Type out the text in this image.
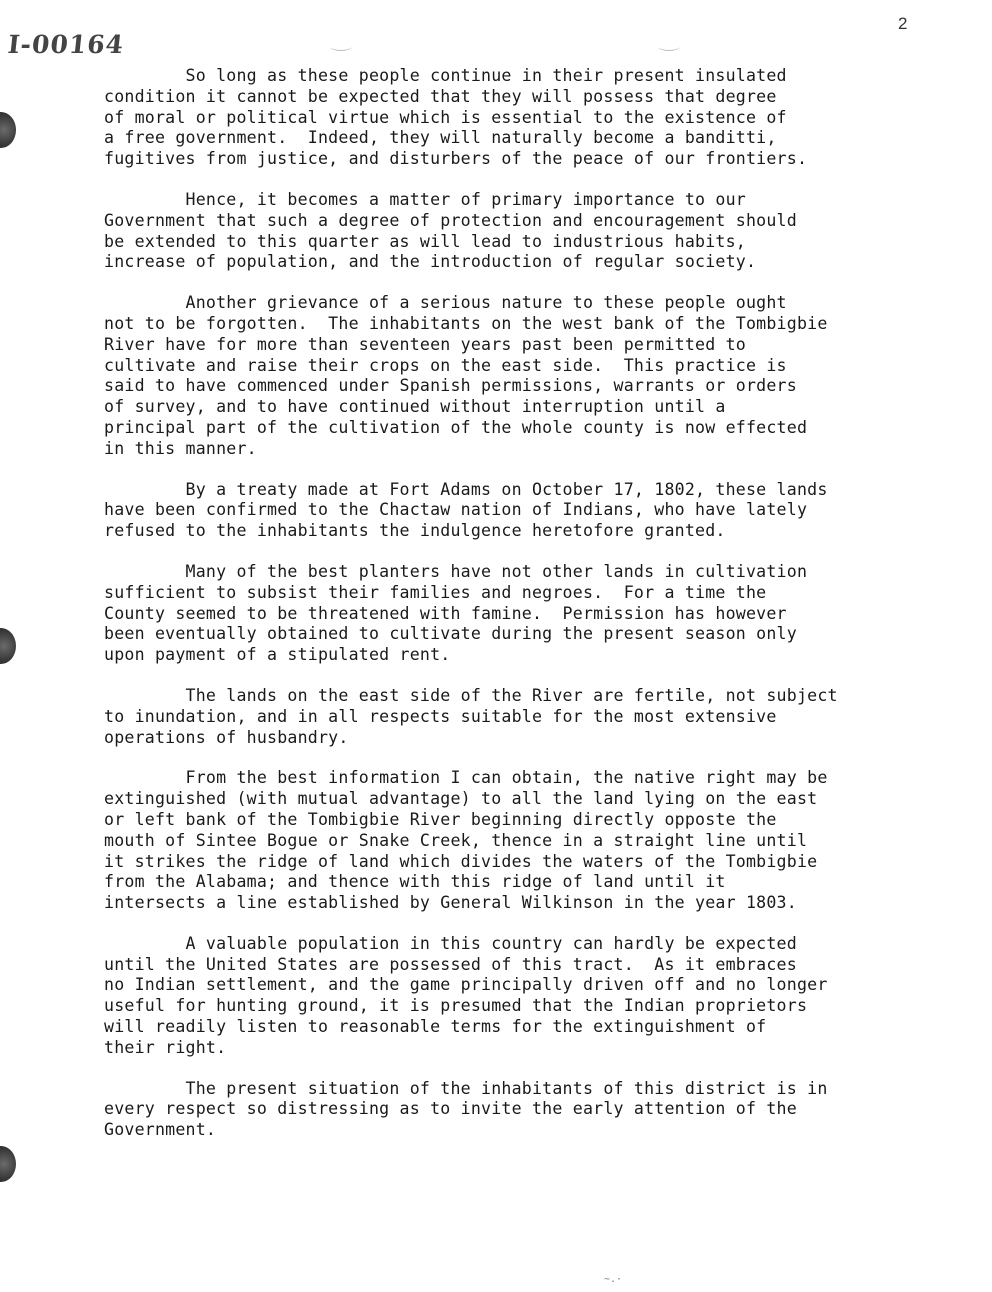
I-00164
2

So long as these people continue in their present insulated
condition it cannot be expected that they will possess that degree
of moral or political virtue which is essential to the existence of
a free government.  Indeed, they will naturally become a banditti,
fugitives from justice, and disturbers of the peace of our frontiers.

Hence, it becomes a matter of primary importance to our
Government that such a degree of protection and encouragement should
be extended to this quarter as will lead to industrious habits,
increase of population, and the introduction of regular society.

Another grievance of a serious nature to these people ought
not to be forgotten.  The inhabitants on the west bank of the Tombigbie
River have for more than seventeen years past been permitted to
cultivate and raise their crops on the east side.  This practice is
said to have commenced under Spanish permissions, warrants or orders
of survey, and to have continued without interruption until a
principal part of the cultivation of the whole county is now effected
in this manner.

By a treaty made at Fort Adams on October 17, 1802, these lands
have been confirmed to the Chactaw nation of Indians, who have lately
refused to the inhabitants the indulgence heretofore granted.

Many of the best planters have not other lands in cultivation
sufficient to subsist their families and negroes.  For a time the
County seemed to be threatened with famine.  Permission has however
been eventually obtained to cultivate during the present season only
upon payment of a stipulated rent.

The lands on the east side of the River are fertile, not subject
to inundation, and in all respects suitable for the most extensive
operations of husbandry.

From the best information I can obtain, the native right may be
extinguished (with mutual advantage) to all the land lying on the east
or left bank of the Tombigbie River beginning directly opposte the
mouth of Sintee Bogue or Snake Creek, thence in a straight line until
it strikes the ridge of land which divides the waters of the Tombigbie
from the Alabama; and thence with this ridge of land until it
intersects a line established by General Wilkinson in the year 1803.

A valuable population in this country can hardly be expected
until the United States are possessed of this tract.  As it embraces
no Indian settlement, and the game principally driven off and no longer
useful for hunting ground, it is presumed that the Indian proprietors
will readily listen to reasonable terms for the extinguishment of
their right.

The present situation of the inhabitants of this district is in
every respect so distressing as to invite the early attention of the
Government.

~.·
